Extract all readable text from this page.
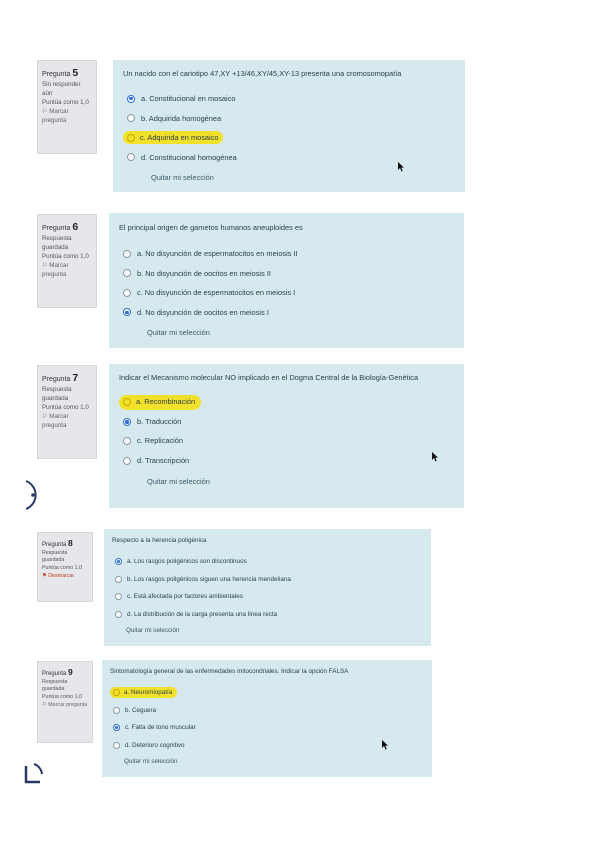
Pregunta 5
Sin responder aún
Puntúa como 1,0
⚐ Marcar pregunta
Un nacido con el cariotipo 47,XY +13/46,XY/45,XY-13 presenta una cromosomopatía
a. Constitucional en mosaico
b. Adquirida homogénea
c. Adquirida en mosaico
d. Constitucional homogénea
Quitar mi selección
Pregunta 6
Respuesta guardada
Puntúa como 1,0
⚐ Marcar pregunta
El principal origen de gametos humanos aneuploides es
a. No disyunción de espermatocitos en meiosis II
b. No disyunción de oocitos en meiosis II
c. No disyunción de espermatocitos en meiosis I
d. No disyunción de oocitos en meiosis I
Quitar mi selección
Pregunta 7
Respuesta guardada
Puntúa como 1,0
⚐ Marcar pregunta
Indicar el Mecanismo molecular NO implicado en el Dogma Central de la Biología-Genética
a. Recombinación
b. Traducción
c. Replicación
d. Transcripción
Quitar mi selección
Pregunta 8
Respuesta guardada
Puntúa como 1,0
⚑ Desmarcar
Respecto a la herencia poligénica
a. Los rasgos poligénicos son discontinuos
b. Los rasgos poligénicos siguen una herencia mendeliana
c. Está afectada por factores ambientales
d. La distribución de la carga presenta una línea recta
Quitar mi selección
Pregunta 9
Respuesta guardada
Puntúa como 1,0
⚐ Marcar pregunta
Sintomatología general de las enfermedades mitocondriales. Indicar la opción FALSA
a. Neuromiopatía
b. Ceguera
c. Falta de tono muscular
d. Deterioro cognitivo
Quitar mi selección
